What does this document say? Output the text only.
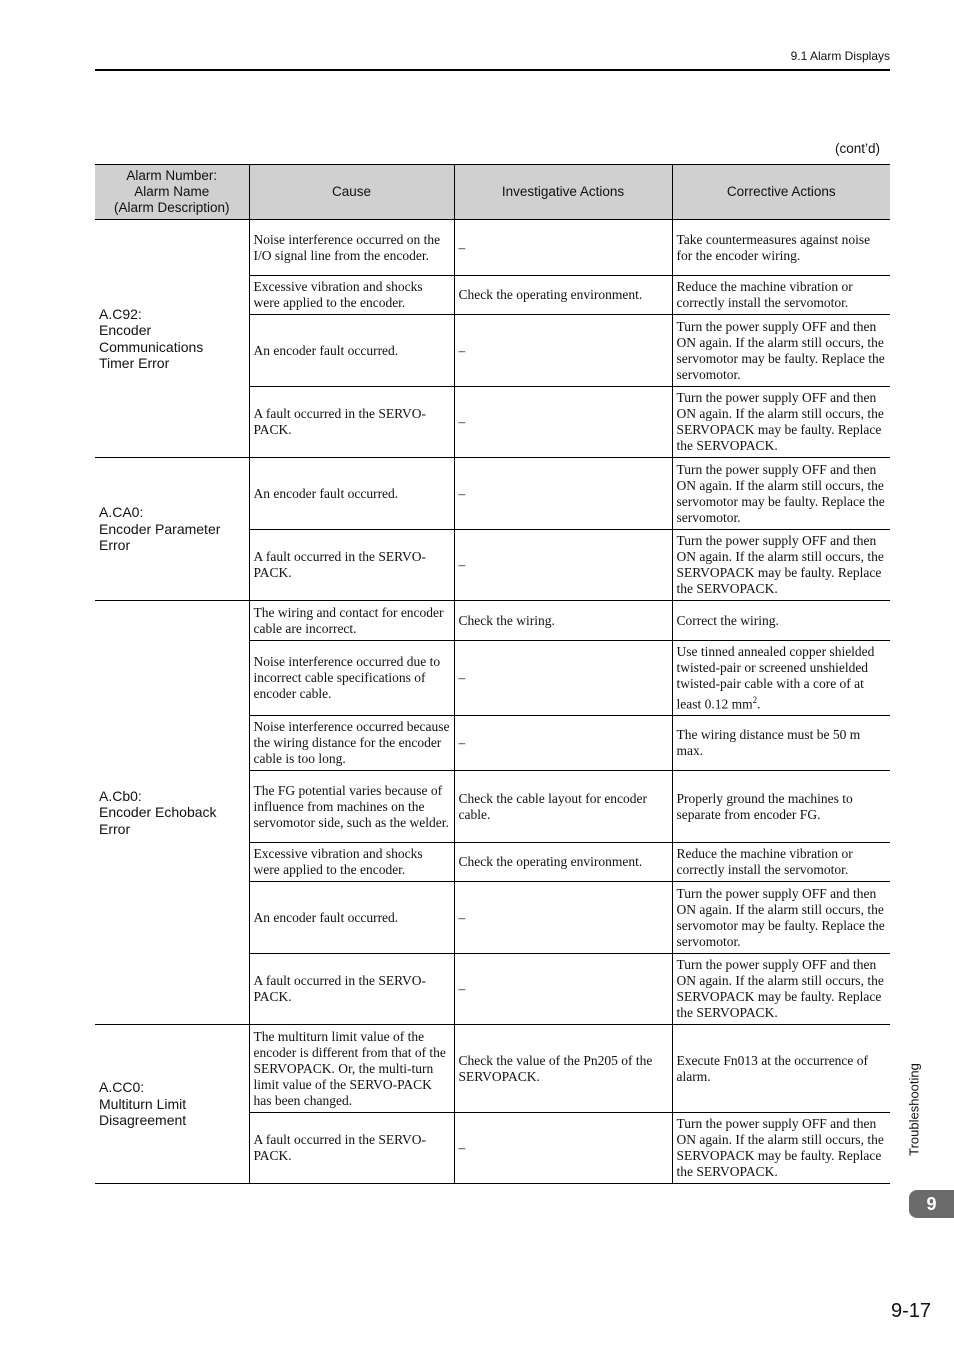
9.1 Alarm Displays
(cont’d)
Alarm Number:
Alarm Name
(Alarm Description)	Cause	Investigative Actions	Corrective Actions
A.C92:
Encoder
Communications
Timer Error	Noise interference occurred on the I/O signal line from the encoder.	–	Take countermeasures against noise for the encoder wiring.
	Excessive vibration and shocks were applied to the encoder.	Check the operating environment.	Reduce the machine vibration or correctly install the servomotor.
	An encoder fault occurred.	–	Turn the power supply OFF and then ON again. If the alarm still occurs, the servomotor may be faulty. Replace the servomotor.
	A fault occurred in the SERVO-PACK.	–	Turn the power supply OFF and then ON again. If the alarm still occurs, the SERVOPACK may be faulty. Replace the SERVOPACK.
A.CA0:
Encoder Parameter
Error	An encoder fault occurred.	–	Turn the power supply OFF and then ON again. If the alarm still occurs, the servomotor may be faulty. Replace the servomotor.
	A fault occurred in the SERVO-PACK.	–	Turn the power supply OFF and then ON again. If the alarm still occurs, the SERVOPACK may be faulty. Replace the SERVOPACK.
A.Cb0:
Encoder Echoback
Error	The wiring and contact for encoder cable are incorrect.	Check the wiring.	Correct the wiring.
	Noise interference occurred due to incorrect cable specifications of encoder cable.	–	Use tinned annealed copper shielded twisted-pair or screened unshielded twisted-pair cable with a core of at least 0.12 $mm^2$.
	Noise interference occurred because the wiring distance for the encoder cable is too long.	–	The wiring distance must be 50 m max.
	The FG potential varies because of influence from machines on the servomotor side, such as the welder.	Check the cable layout for encoder cable.	Properly ground the machines to separate from encoder FG.
	Excessive vibration and shocks were applied to the encoder.	Check the operating environment.	Reduce the machine vibration or correctly install the servomotor.
	An encoder fault occurred.	–	Turn the power supply OFF and then ON again. If the alarm still occurs, the servomotor may be faulty. Replace the servomotor.
	A fault occurred in the SERVO-PACK.	–	Turn the power supply OFF and then ON again. If the alarm still occurs, the SERVOPACK may be faulty. Replace the SERVOPACK.
A.CC0:
Multiturn Limit
Disagreement	The multiturn limit value of the encoder is different from that of the SERVOPACK. Or, the multi-turn limit value of the SERVO-PACK has been changed.	Check the value of the Pn205 of the SERVOPACK.	Execute Fn013 at the occurrence of alarm.
	A fault occurred in the SERVO-PACK.	–	Turn the power supply OFF and then ON again. If the alarm still occurs, the SERVOPACK may be faulty. Replace the SERVOPACK.
Troubleshooting
9
9-17
